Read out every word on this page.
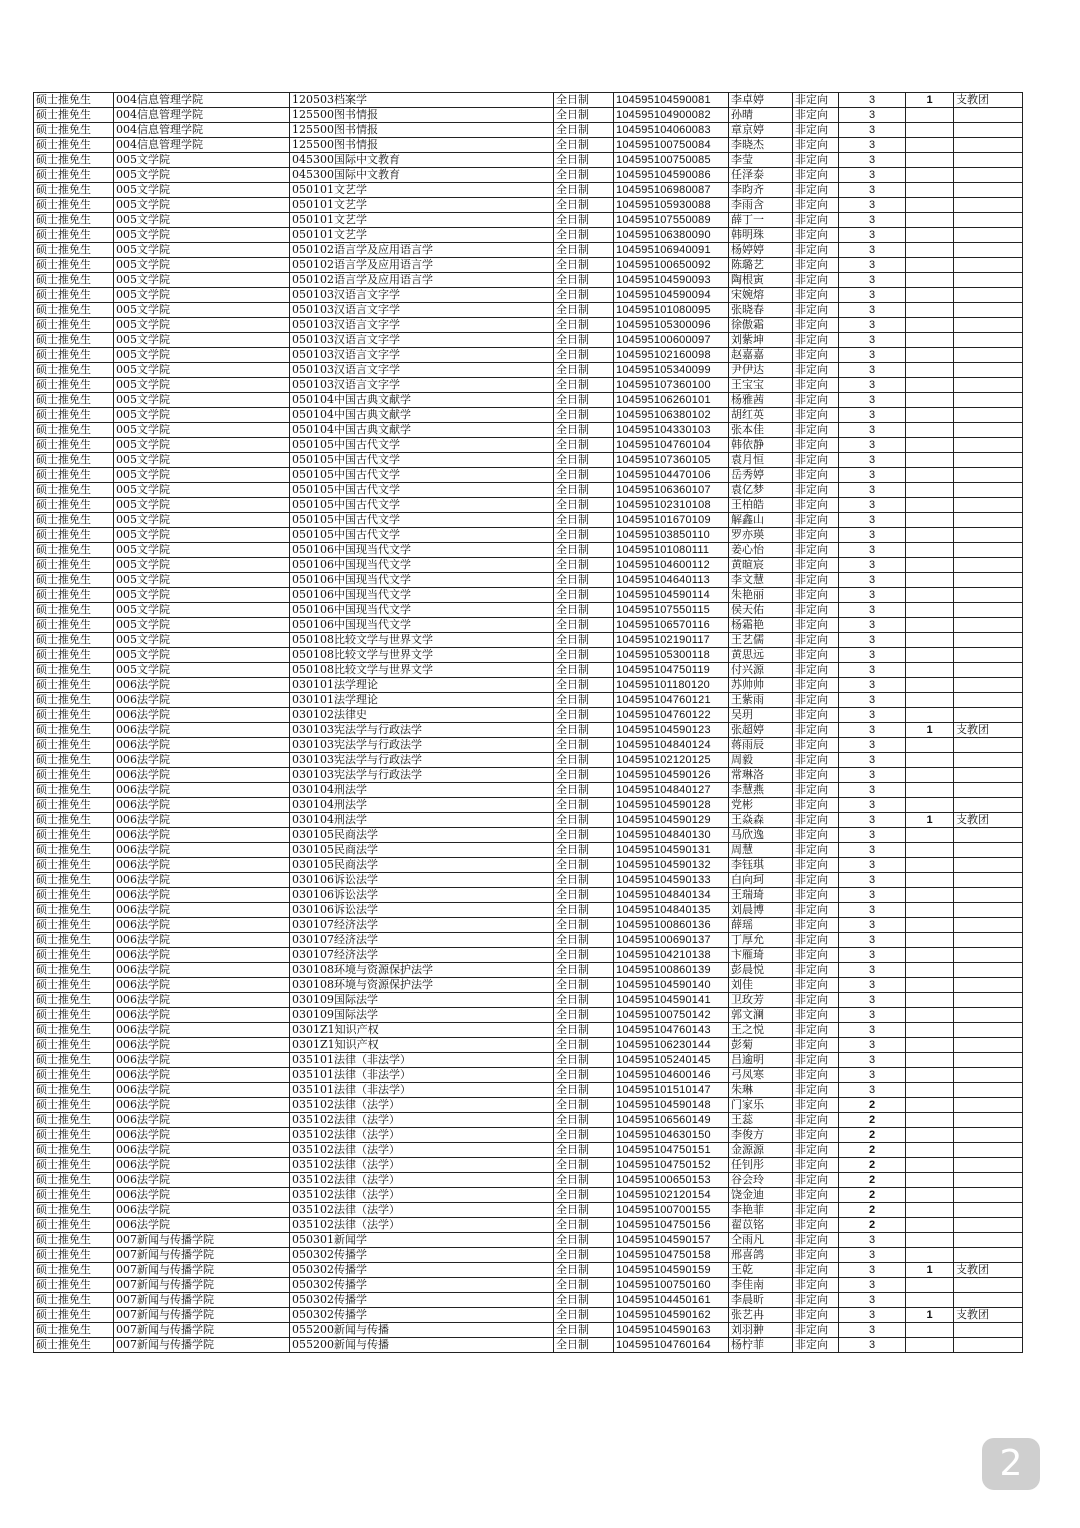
硕士推免生	004信息管理学院	120503档案学	全日制	104595104590081	李卓婷	非定向	3	1	支教团
硕士推免生	004信息管理学院	125500图书情报	全日制	104595104900082	孙晴	非定向	3		
硕士推免生	004信息管理学院	125500图书情报	全日制	104595104060083	章京婷	非定向	3		
硕士推免生	004信息管理学院	125500图书情报	全日制	104595100750084	李晓杰	非定向	3		
硕士推免生	005文学院	045300国际中文教育	全日制	104595100750085	李莹	非定向	3		
硕士推免生	005文学院	045300国际中文教育	全日制	104595104590086	任泽泰	非定向	3		
硕士推免生	005文学院	050101文艺学	全日制	104595106980087	李昀齐	非定向	3		
硕士推免生	005文学院	050101文艺学	全日制	104595105930088	李雨含	非定向	3		
硕士推免生	005文学院	050101文艺学	全日制	104595107550089	薛丁一	非定向	3		
硕士推免生	005文学院	050101文艺学	全日制	104595106380090	韩明珠	非定向	3		
硕士推免生	005文学院	050102语言学及应用语言学	全日制	104595106940091	杨婷婷	非定向	3		
硕士推免生	005文学院	050102语言学及应用语言学	全日制	104595100650092	陈璐艺	非定向	3		
硕士推免生	005文学院	050102语言学及应用语言学	全日制	104595104590093	陶根寅	非定向	3		
硕士推免生	005文学院	050103汉语言文字学	全日制	104595104590094	宋婉熔	非定向	3		
硕士推免生	005文学院	050103汉语言文字学	全日制	104595101080095	张晓春	非定向	3		
硕士推免生	005文学院	050103汉语言文字学	全日制	104595105300096	徐傲霜	非定向	3		
硕士推免生	005文学院	050103汉语言文字学	全日制	104595100600097	刘紫坤	非定向	3		
硕士推免生	005文学院	050103汉语言文字学	全日制	104595102160098	赵嘉嘉	非定向	3		
硕士推免生	005文学院	050103汉语言文字学	全日制	104595105340099	尹伊达	非定向	3		
硕士推免生	005文学院	050103汉语言文字学	全日制	104595107360100	王宝宝	非定向	3		
硕士推免生	005文学院	050104中国古典文献学	全日制	104595106260101	杨雅茜	非定向	3		
硕士推免生	005文学院	050104中国古典文献学	全日制	104595106380102	胡红英	非定向	3		
硕士推免生	005文学院	050104中国古典文献学	全日制	104595104330103	张本佳	非定向	3		
硕士推免生	005文学院	050105中国古代文学	全日制	104595104760104	韩依静	非定向	3		
硕士推免生	005文学院	050105中国古代文学	全日制	104595107360105	袁月恒	非定向	3		
硕士推免生	005文学院	050105中国古代文学	全日制	104595104470106	岳秀婷	非定向	3		
硕士推免生	005文学院	050105中国古代文学	全日制	104595106360107	袁亿梦	非定向	3		
硕士推免生	005文学院	050105中国古代文学	全日制	104595102310108	王柏皓	非定向	3		
硕士推免生	005文学院	050105中国古代文学	全日制	104595101670109	解鑫山	非定向	3		
硕士推免生	005文学院	050105中国古代文学	全日制	104595103850110	罗亦瑛	非定向	3		
硕士推免生	005文学院	050106中国现当代文学	全日制	104595101080111	姜心怡	非定向	3		
硕士推免生	005文学院	050106中国现当代文学	全日制	104595104600112	黄暄宸	非定向	3		
硕士推免生	005文学院	050106中国现当代文学	全日制	104595104640113	李文慧	非定向	3		
硕士推免生	005文学院	050106中国现当代文学	全日制	104595104590114	朱艳丽	非定向	3		
硕士推免生	005文学院	050106中国现当代文学	全日制	104595107550115	侯天佑	非定向	3		
硕士推免生	005文学院	050106中国现当代文学	全日制	104595106570116	杨霜艳	非定向	3		
硕士推免生	005文学院	050108比较文学与世界文学	全日制	104595102190117	王艺儒	非定向	3		
硕士推免生	005文学院	050108比较文学与世界文学	全日制	104595105300118	黄思远	非定向	3		
硕士推免生	005文学院	050108比较文学与世界文学	全日制	104595104750119	付兴源	非定向	3		
硕士推免生	006法学院	030101法学理论	全日制	104595101180120	苏帅帅	非定向	3		
硕士推免生	006法学院	030101法学理论	全日制	104595104760121	王紫雨	非定向	3		
硕士推免生	006法学院	030102法律史	全日制	104595104760122	吴玥	非定向	3		
硕士推免生	006法学院	030103宪法学与行政法学	全日制	104595104590123	张超婷	非定向	3	1	支教团
硕士推免生	006法学院	030103宪法学与行政法学	全日制	104595104840124	蒋雨辰	非定向	3		
硕士推免生	006法学院	030103宪法学与行政法学	全日制	104595102120125	周毅	非定向	3		
硕士推免生	006法学院	030103宪法学与行政法学	全日制	104595104590126	常琳洛	非定向	3		
硕士推免生	006法学院	030104刑法学	全日制	104595104840127	李慧燕	非定向	3		
硕士推免生	006法学院	030104刑法学	全日制	104595104590128	党彬	非定向	3		
硕士推免生	006法学院	030104刑法学	全日制	104595104590129	王焱森	非定向	3	1	支教团
硕士推免生	006法学院	030105民商法学	全日制	104595104840130	马欣逸	非定向	3		
硕士推免生	006法学院	030105民商法学	全日制	104595104590131	周慧	非定向	3		
硕士推免生	006法学院	030105民商法学	全日制	104595104590132	李钰琪	非定向	3		
硕士推免生	006法学院	030106诉讼法学	全日制	104595104590133	白向珂	非定向	3		
硕士推免生	006法学院	030106诉讼法学	全日制	104595104840134	王瑞琦	非定向	3		
硕士推免生	006法学院	030106诉讼法学	全日制	104595104840135	刘晨博	非定向	3		
硕士推免生	006法学院	030107经济法学	全日制	104595100860136	薛瑶	非定向	3		
硕士推免生	006法学院	030107经济法学	全日制	104595100690137	丁厚允	非定向	3		
硕士推免生	006法学院	030107经济法学	全日制	104595104210138	卞雁琦	非定向	3		
硕士推免生	006法学院	030108环境与资源保护法学	全日制	104595100860139	彭晨悦	非定向	3		
硕士推免生	006法学院	030108环境与资源保护法学	全日制	104595104590140	刘佳	非定向	3		
硕士推免生	006法学院	030109国际法学	全日制	104595104590141	卫玫芳	非定向	3		
硕士推免生	006法学院	030109国际法学	全日制	104595100750142	郭文澜	非定向	3		
硕士推免生	006法学院	0301Z1知识产权	全日制	104595104760143	王之悦	非定向	3		
硕士推免生	006法学院	0301Z1知识产权	全日制	104595106230144	彭菊	非定向	3		
硕士推免生	006法学院	035101法律（非法学）	全日制	104595105240145	吕逾明	非定向	3		
硕士推免生	006法学院	035101法律（非法学）	全日制	104595104600146	弓凤寒	非定向	3		
硕士推免生	006法学院	035101法律（非法学）	全日制	104595101510147	朱琳	非定向	3		
硕士推免生	006法学院	035102法律（法学）	全日制	104595104590148	门家乐	非定向	2		
硕士推免生	006法学院	035102法律（法学）	全日制	104595106560149	王蕊	非定向	2		
硕士推免生	006法学院	035102法律（法学）	全日制	104595104630150	李俊方	非定向	2		
硕士推免生	006法学院	035102法律（法学）	全日制	104595104750151	金源源	非定向	2		
硕士推免生	006法学院	035102法律（法学）	全日制	104595104750152	任钊彤	非定向	2		
硕士推免生	006法学院	035102法律（法学）	全日制	104595100650153	谷会玲	非定向	2		
硕士推免生	006法学院	035102法律（法学）	全日制	104595102120154	饶金迪	非定向	2		
硕士推免生	006法学院	035102法律（法学）	全日制	104595100700155	李艳菲	非定向	2		
硕士推免生	006法学院	035102法律（法学）	全日制	104595104750156	翟苡铭	非定向	2		
硕士推免生	007新闻与传播学院	050301新闻学	全日制	104595104590157	仝雨凡	非定向	3		
硕士推免生	007新闻与传播学院	050302传播学	全日制	104595104750158	邢喜鸽	非定向	3		
硕士推免生	007新闻与传播学院	050302传播学	全日制	104595104590159	王乾	非定向	3	1	支教团
硕士推免生	007新闻与传播学院	050302传播学	全日制	104595100750160	李佳南	非定向	3		
硕士推免生	007新闻与传播学院	050302传播学	全日制	104595104450161	李晨昕	非定向	3		
硕士推免生	007新闻与传播学院	050302传播学	全日制	104595104590162	张艺冉	非定向	3	1	支教团
硕士推免生	007新闻与传播学院	055200新闻与传播	全日制	104595104590163	刘羽翀	非定向	3		
硕士推免生	007新闻与传播学院	055200新闻与传播	全日制	104595104760164	杨柠菲	非定向	3		
2
